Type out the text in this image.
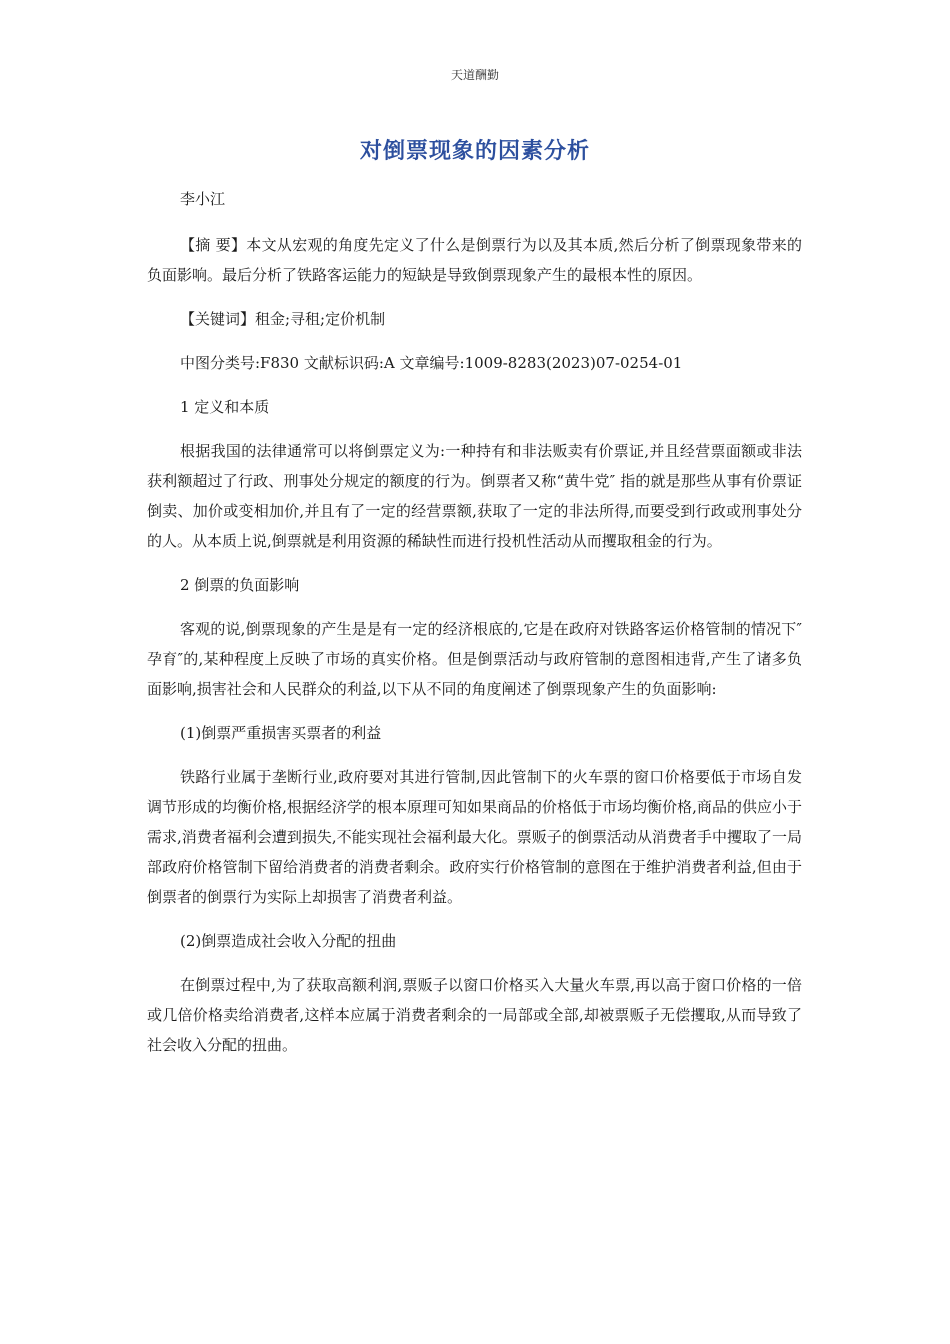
天道酬勤
对倒票现象的因素分析
李小江

【摘 要】本文从宏观的角度先定义了什么是倒票行为以及其本质,然后分析了倒票现象带来的负面影响。最后分析了铁路客运能力的短缺是导致倒票现象产生的最根本性的原因。

【关键词】租金;寻租;定价机制

中图分类号:F830 文献标识码:A 文章编号:1009-8283(2023)07-0254-01

1 定义和本质

根据我国的法律通常可以将倒票定义为:一种持有和非法贩卖有价票证,并且经营票面额或非法获利额超过了行政、刑事处分规定的额度的行为。倒票者又称“黄牛党″ 指的就是那些从事有价票证倒卖、加价或变相加价,并且有了一定的经营票额,获取了一定的非法所得,而要受到行政或刑事处分的人。从本质上说,倒票就是利用资源的稀缺性而进行投机性活动从而攫取租金的行为。

2 倒票的负面影响

客观的说,倒票现象的产生是是有一定的经济根底的,它是在政府对铁路客运价格管制的情况下″孕育″的,某种程度上反映了市场的真实价格。但是倒票活动与政府管制的意图相违背,产生了诸多负面影响,损害社会和人民群众的利益,以下从不同的角度阐述了倒票现象产生的负面影响:

(1)倒票严重损害买票者的利益

铁路行业属于垄断行业,政府要对其进行管制,因此管制下的火车票的窗口价格要低于市场自发调节形成的均衡价格,根据经济学的根本原理可知如果商品的价格低于市场均衡价格,商品的供应小于需求,消费者福利会遭到损失,不能实现社会福利最大化。票贩子的倒票活动从消费者手中攫取了一局部政府价格管制下留给消费者的消费者剩余。政府实行价格管制的意图在于维护消费者利益,但由于倒票者的倒票行为实际上却损害了消费者利益。

(2)倒票造成社会收入分配的扭曲

在倒票过程中,为了获取高额利润,票贩子以窗口价格买入大量火车票,再以高于窗口价格的一倍或几倍价格卖给消费者,这样本应属于消费者剩余的一局部或全部,却被票贩子无偿攫取,从而导致了社会收入分配的扭曲。
